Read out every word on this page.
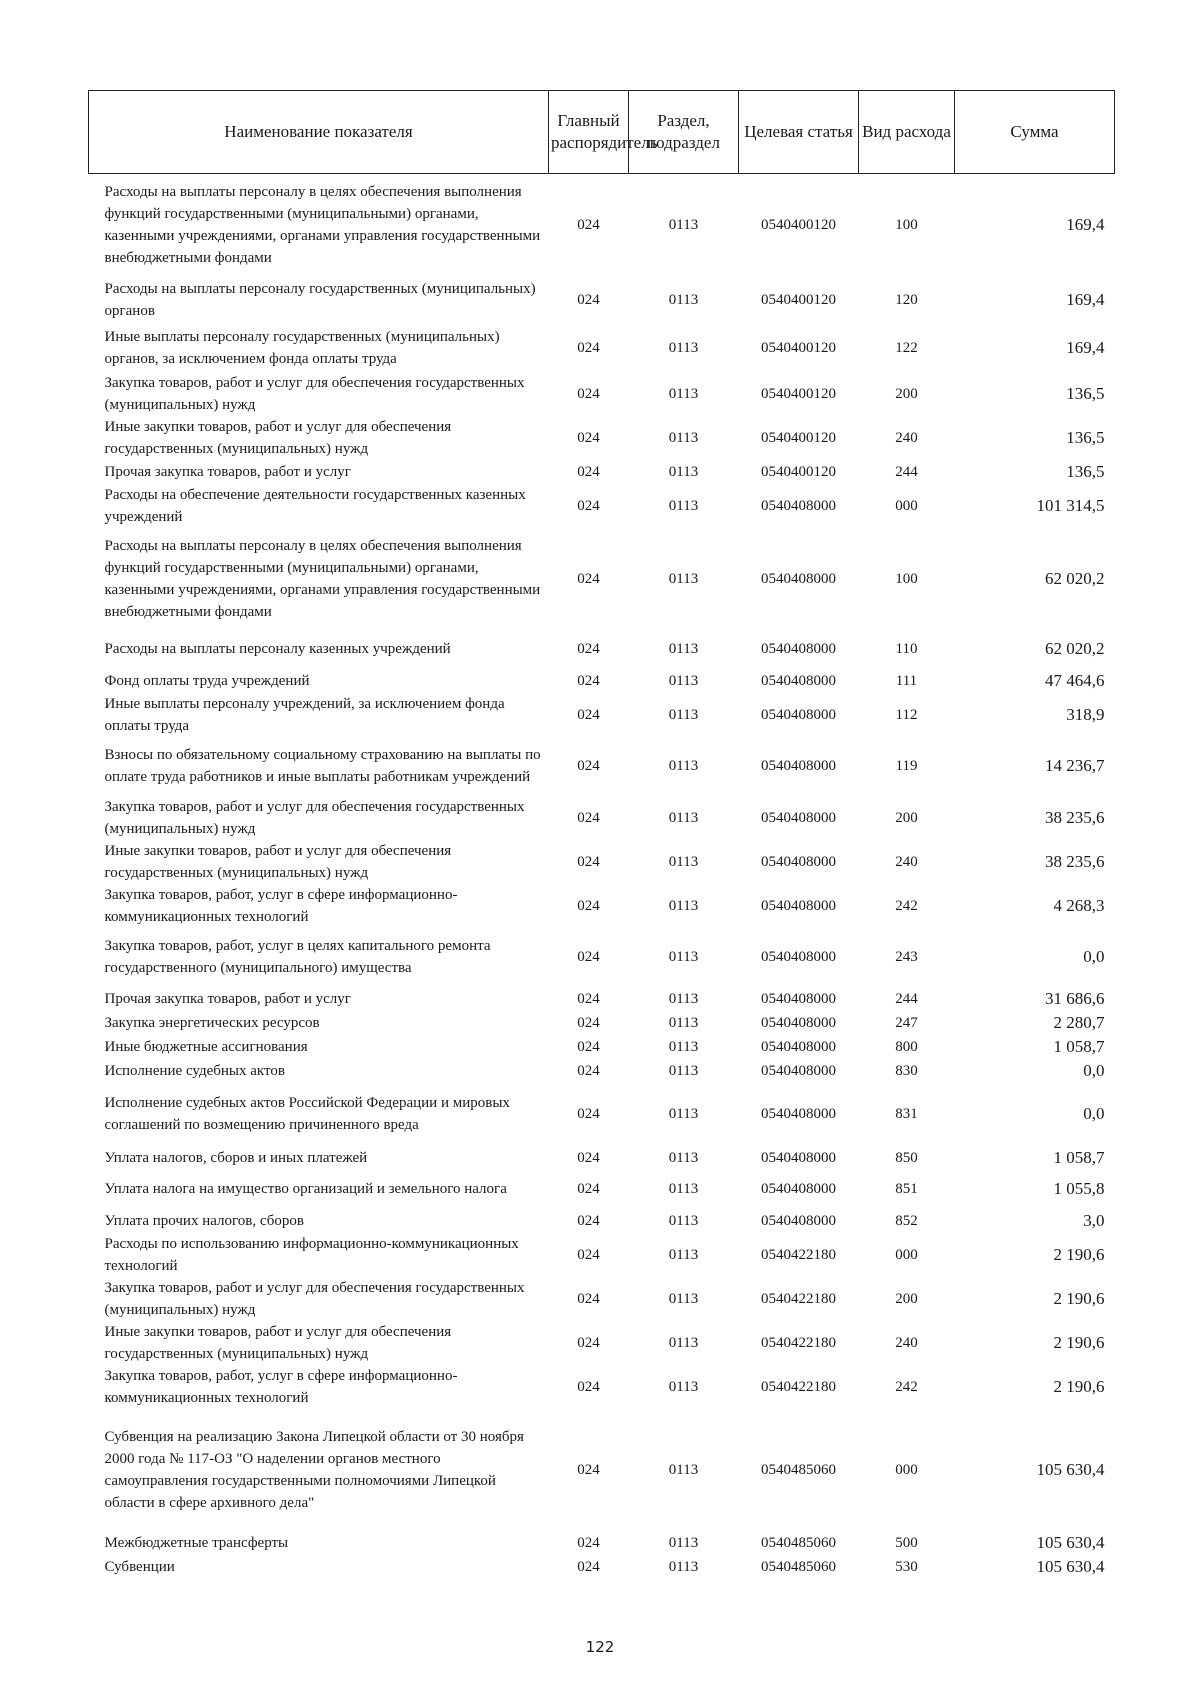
Наименование показателя	Главный распорядитель	Раздел, подраздел	Целевая статья	Вид расхода	Сумма
Расходы на выплаты персоналу в целях обеспечения выполнения функций государственными (муниципальными) органами, казенными учреждениями, органами управления государственными внебюджетными фондами	024	0113	0540400120	100	169,4
Расходы на выплаты персоналу государственных (муниципальных) органов	024	0113	0540400120	120	169,4
Иные выплаты персоналу государственных (муниципальных) органов, за исключением фонда оплаты труда	024	0113	0540400120	122	169,4
Закупка товаров, работ и услуг для обеспечения государственных (муниципальных) нужд	024	0113	0540400120	200	136,5
Иные закупки товаров, работ и услуг для обеспечения государственных (муниципальных) нужд	024	0113	0540400120	240	136,5
Прочая закупка товаров, работ и услуг	024	0113	0540400120	244	136,5
Расходы на обеспечение деятельности государственных казенных учреждений	024	0113	0540408000	000	101 314,5
Расходы на выплаты персоналу в целях обеспечения выполнения функций государственными (муниципальными) органами, казенными учреждениями, органами управления государственными внебюджетными фондами	024	0113	0540408000	100	62 020,2
Расходы на выплаты персоналу казенных учреждений	024	0113	0540408000	110	62 020,2
Фонд оплаты труда учреждений	024	0113	0540408000	111	47 464,6
Иные выплаты персоналу учреждений, за исключением фонда оплаты труда	024	0113	0540408000	112	318,9
Взносы по обязательному социальному страхованию на выплаты по оплате труда работников и иные выплаты работникам учреждений	024	0113	0540408000	119	14 236,7
Закупка товаров, работ и услуг для обеспечения государственных (муниципальных) нужд	024	0113	0540408000	200	38 235,6
Иные закупки товаров, работ и услуг для обеспечения государственных (муниципальных) нужд	024	0113	0540408000	240	38 235,6
Закупка товаров, работ, услуг в сфере информационно-коммуникационных технологий	024	0113	0540408000	242	4 268,3
Закупка товаров, работ, услуг в целях капитального ремонта государственного (муниципального) имущества	024	0113	0540408000	243	0,0
Прочая закупка товаров, работ и услуг	024	0113	0540408000	244	31 686,6
Закупка энергетических ресурсов	024	0113	0540408000	247	2 280,7
Иные бюджетные ассигнования	024	0113	0540408000	800	1 058,7
Исполнение судебных актов	024	0113	0540408000	830	0,0
Исполнение судебных актов Российской Федерации и мировых соглашений по возмещению причиненного вреда	024	0113	0540408000	831	0,0
Уплата налогов, сборов и иных платежей	024	0113	0540408000	850	1 058,7
Уплата налога на имущество организаций и земельного налога	024	0113	0540408000	851	1 055,8
Уплата прочих налогов, сборов	024	0113	0540408000	852	3,0
Расходы по использованию информационно-коммуникационных технологий	024	0113	0540422180	000	2 190,6
Закупка товаров, работ и услуг для обеспечения государственных (муниципальных) нужд	024	0113	0540422180	200	2 190,6
Иные закупки товаров, работ и услуг для обеспечения государственных (муниципальных) нужд	024	0113	0540422180	240	2 190,6
Закупка товаров, работ, услуг в сфере информационно-коммуникационных технологий	024	0113	0540422180	242	2 190,6
Субвенция на реализацию Закона Липецкой области от 30 ноября 2000 года № 117-ОЗ "О наделении органов местного самоуправления государственными полномочиями Липецкой области в сфере архивного дела"	024	0113	0540485060	000	105 630,4
Межбюджетные трансферты	024	0113	0540485060	500	105 630,4
Субвенции	024	0113	0540485060	530	105 630,4
122
